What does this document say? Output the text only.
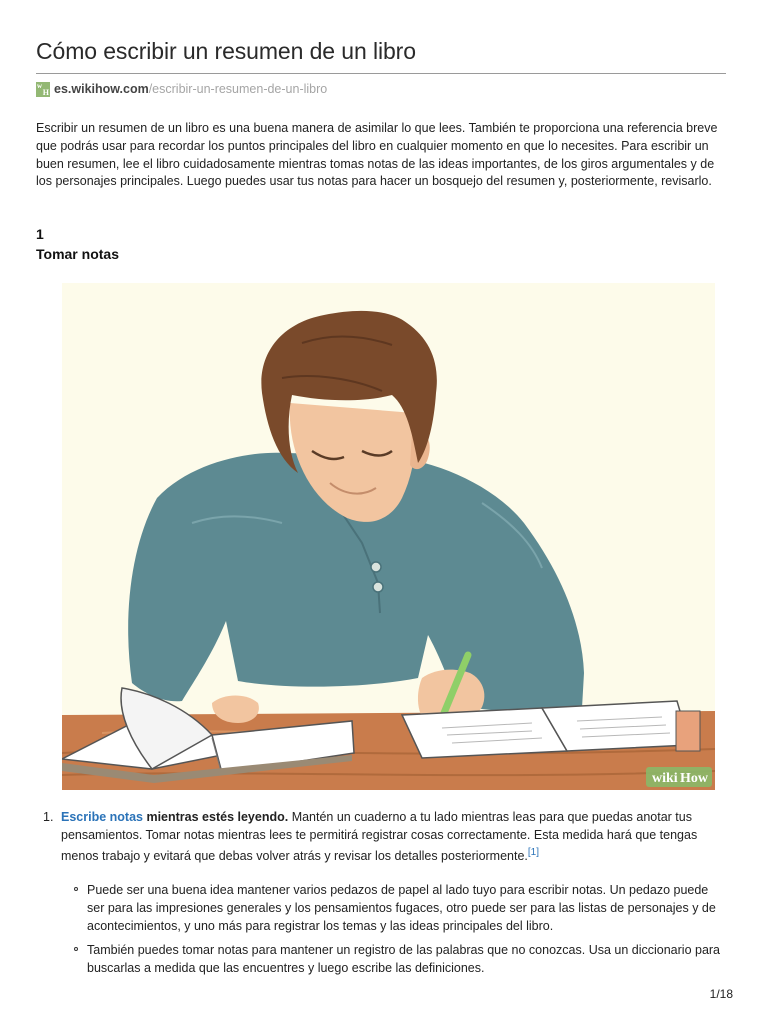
Cómo escribir un resumen de un libro
w
H es.wikihow.com /escribir-un-resumen-de-un-libro

Escribir un resumen de un libro es una buena manera de asimilar lo que lees. También te proporciona una referencia breve que podrás usar para recordar los puntos principales del libro en cualquier momento en que lo necesites. Para escribir un buen resumen, lee el libro cuidadosamente mientras tomas notas de las ideas importantes, de los giros argumentales y de los personajes principales. Luego puedes usar tus notas para hacer un bosquejo del resumen y, posteriormente, revisarlo.

1
Tomar notas
wiki How
1. Escribe notas mientras estés leyendo. Mantén un cuaderno a tu lado mientras leas para que puedas anotar tus pensamientos. Tomar notas mientras lees te permitirá registrar cosas correctamente. Esta medida hará que tengas menos trabajo y evitará que debas volver atrás y revisar los detalles posteriormente.[1]
Puede ser una buena idea mantener varios pedazos de papel al lado tuyo para escribir notas. Un pedazo puede ser para las impresiones generales y los pensamientos fugaces, otro puede ser para las listas de personajes y de acontecimientos, y uno más para registrar los temas y las ideas principales del libro.
También puedes tomar notas para mantener un registro de las palabras que no conozcas. Usa un diccionario para buscarlas a medida que las encuentres y luego escribe las definiciones.
1/18
